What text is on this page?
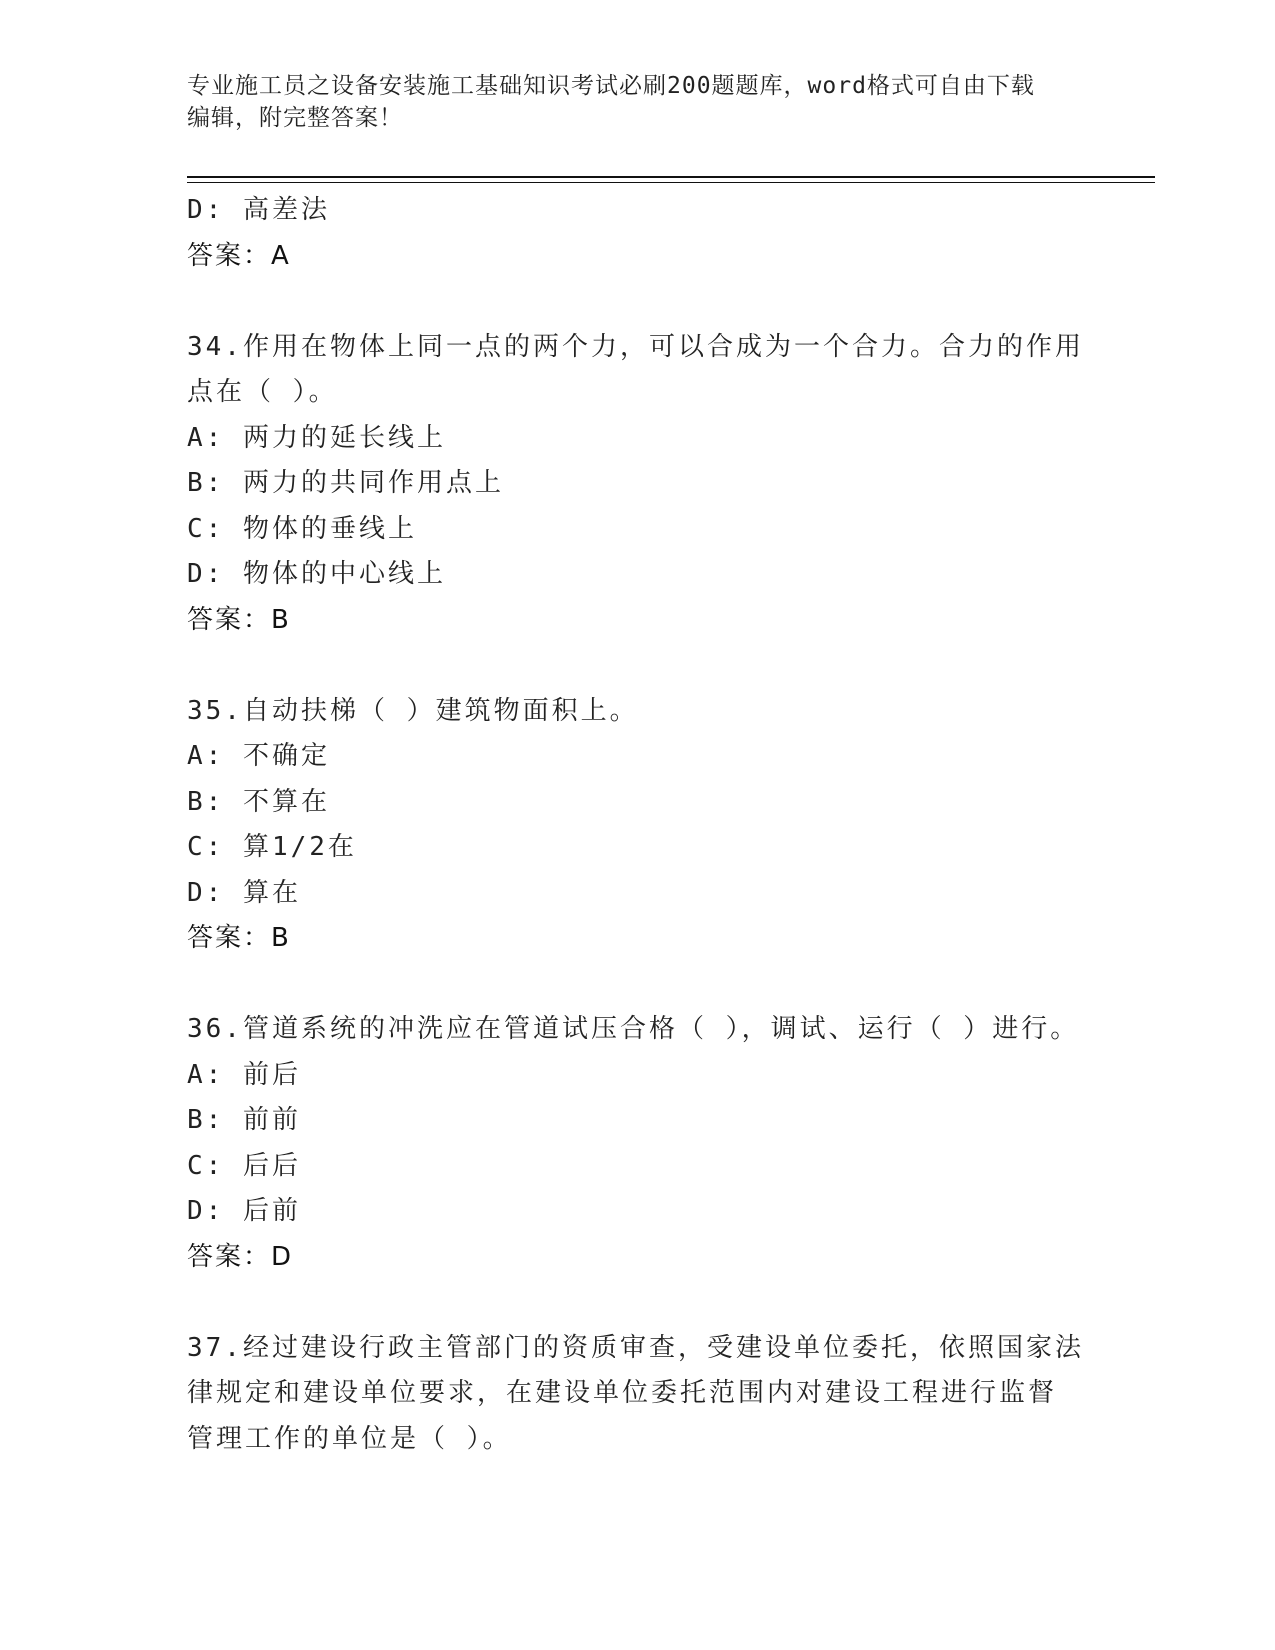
专业施工员之设备安装施工基础知识考试必刷200题题库，word格式可自由下载
编辑，附完整答案！
D: 高差法
答案：A
34.作用在物体上同一点的两个力，可以合成为一个合力。合力的作用
点在（ ）。
A: 两力的延长线上
B: 两力的共同作用点上
C: 物体的垂线上
D: 物体的中心线上
答案：B
35.自动扶梯（ ）建筑物面积上。
A: 不确定
B: 不算在
C: 算1/2在
D: 算在
答案：B
36.管道系统的冲洗应在管道试压合格（ ），调试、运行（ ）进行。
A: 前后
B: 前前
C: 后后
D: 后前
答案：D
37.经过建设行政主管部门的资质审查，受建设单位委托，依照国家法
律规定和建设单位要求，在建设单位委托范围内对建设工程进行监督
管理工作的单位是（ ）。
